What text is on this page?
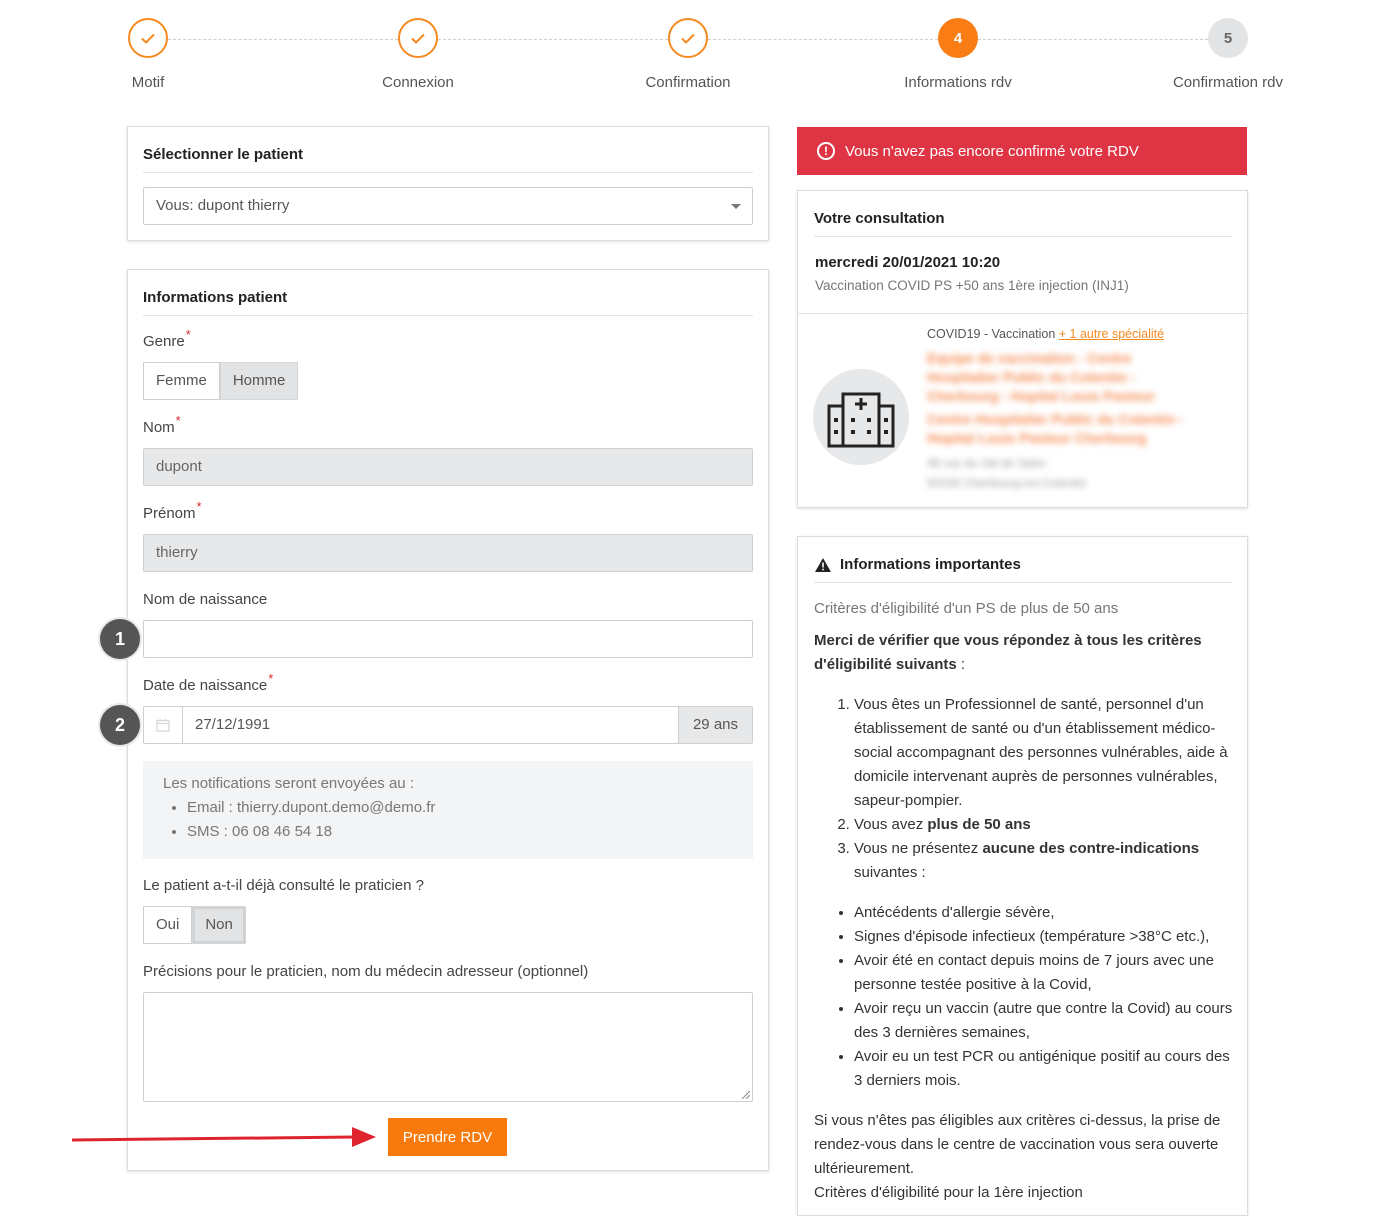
Motif	Connexion	Confirmation
4
Informations rdv
5
Confirmation rdv
Sélectionner le patient
Vous: dupont thierry
Informations patient
Genre*
Femme	Homme
Nom*
dupont
Prénom*
thierry
Nom de naissance
Date de naissance*
27/12/1991	29 ans
Les notifications seront envoyées au :
• Email : thierry.dupont.demo@demo.fr
• SMS : 06 08 46 54 18
Le patient a-t-il déjà consulté le praticien ?
Oui	Non
Précisions pour le praticien, nom du médecin adresseur (optionnel)
Prendre RDV
1
2
!	Vous n'avez pas encore confirmé votre RDV
Votre consultation
mercredi 20/01/2021 10:20
Vaccination COVID PS +50 ans 1ère injection (INJ1)
COVID19 - Vaccination + 1 autre spécialité
Equipe de vaccination - Centre
Hospitalier Public du Cotentin -
Cherbourg - Hopital Louis Pasteur
Centre Hospitalier Public du Cotentin -
Hopital Louis Pasteur Cherbourg
46 rue du Val de Saire
50100 Cherbourg-en-Cotentin
Informations importantes
Critères d'éligibilité d'un PS de plus de 50 ans
Merci de vérifier que vous répondez à tous les critères d'éligibilité suivants :
1. Vous êtes un Professionnel de santé, personnel d'un établissement de santé ou d'un établissement médico-social accompagnant des personnes vulnérables, aide à domicile intervenant auprès de personnes vulnérables, sapeur-pompier.
2. Vous avez plus de 50 ans
3. Vous ne présentez aucune des contre-indications suivantes :
• Antécédents d'allergie sévère,
• Signes d'épisode infectieux (température >38°C etc.),
• Avoir été en contact depuis moins de 7 jours avec une personne testée positive à la Covid,
• Avoir reçu un vaccin (autre que contre la Covid) au cours des 3 dernières semaines,
• Avoir eu un test PCR ou antigénique positif au cours des 3 derniers mois.
Si vous n'êtes pas éligibles aux critères ci-dessus, la prise de rendez-vous dans le centre de vaccination vous sera ouverte ultérieurement.
Critères d'éligibilité pour la 1ère injection
